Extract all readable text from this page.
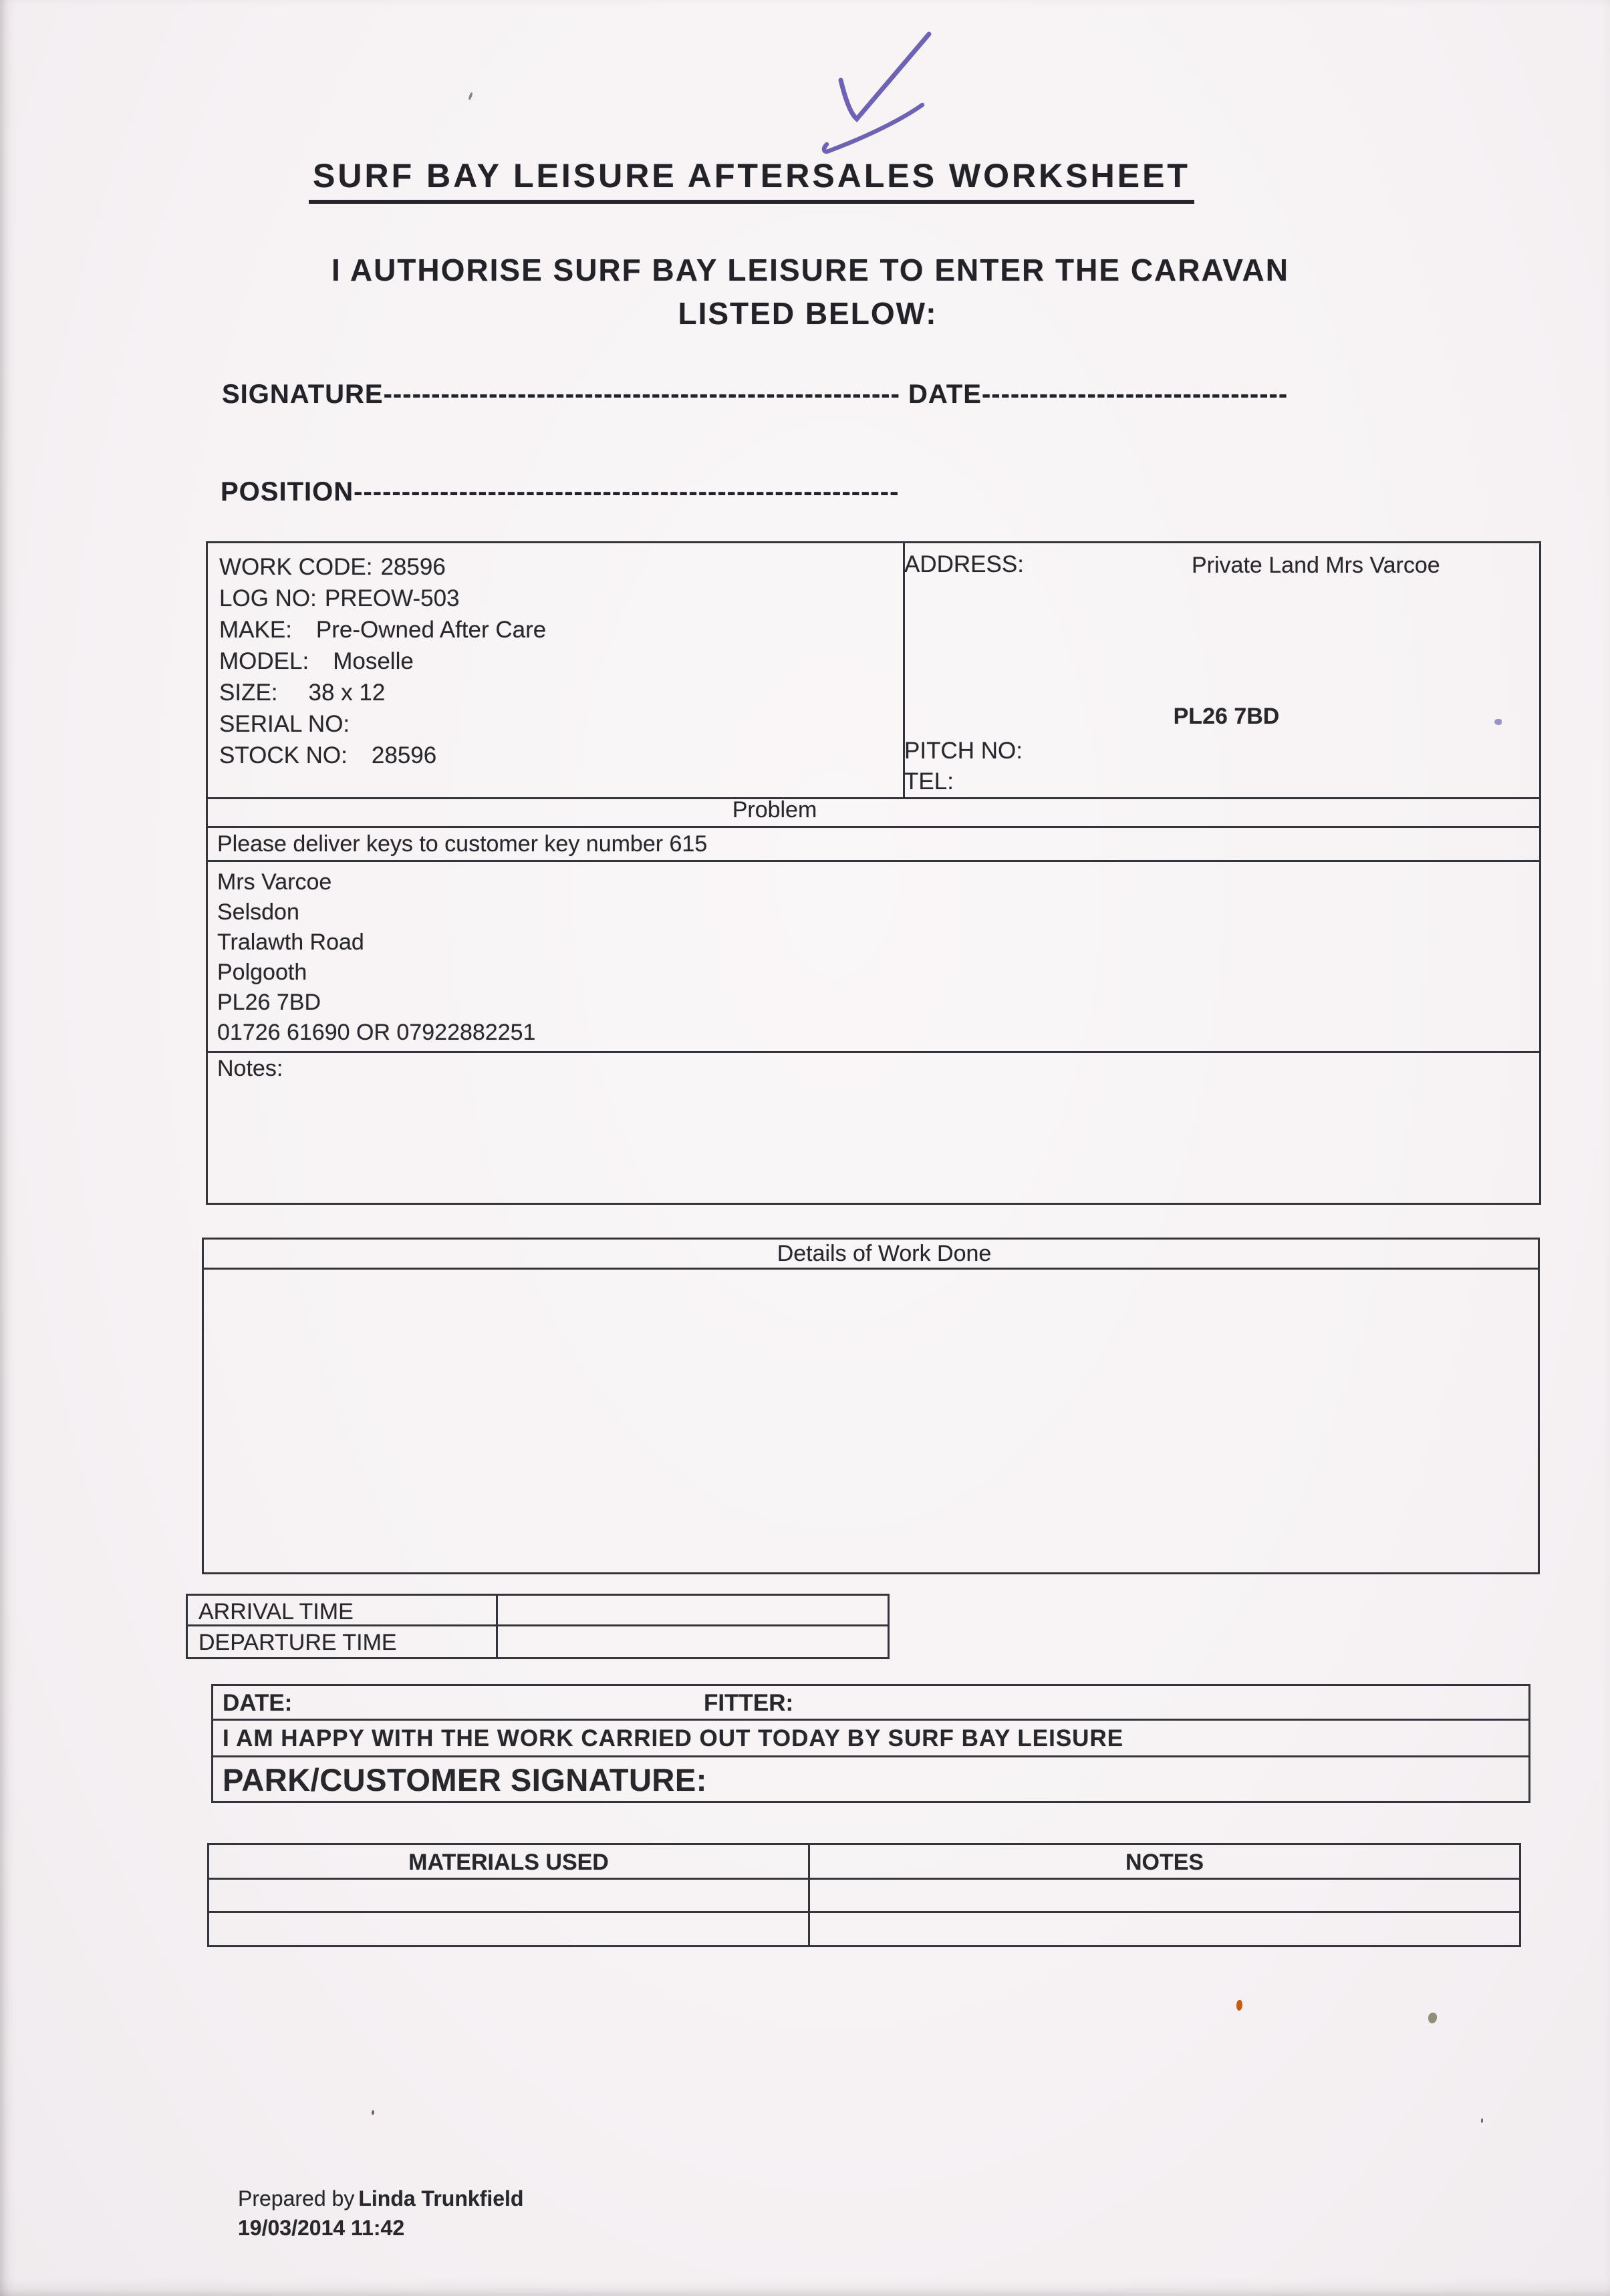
SURF BAY LEISURE AFTERSALES WORKSHEET
I AUTHORISE SURF BAY LEISURE TO ENTER THE CARAVAN
LISTED BELOW:
SIGNATURE------------------------------------------------------ DATE--------------------------------
POSITION---------------------------------------------------------
WORK CODE: 28596
LOG NO: PREOW-503
MAKE: Pre-Owned After Care
MODEL: Moselle
SIZE: 38 x 12
SERIAL NO:
STOCK NO: 28596
ADDRESS:	Private Land Mrs Varcoe
PL26 7BD
PITCH NO:
TEL:
Problem
Please deliver keys to customer key number 615
Mrs Varcoe
Selsdon
Tralawth Road
Polgooth
PL26 7BD
01726 61690 OR 07922882251
Notes:
Details of Work Done
ARRIVAL TIME
DEPARTURE TIME
DATE:	FITTER:
I AM HAPPY WITH THE WORK CARRIED OUT TODAY BY SURF BAY LEISURE
PARK/CUSTOMER SIGNATURE:
MATERIALS USED	NOTES
Prepared by Linda Trunkfield
19/03/2014 11:42
